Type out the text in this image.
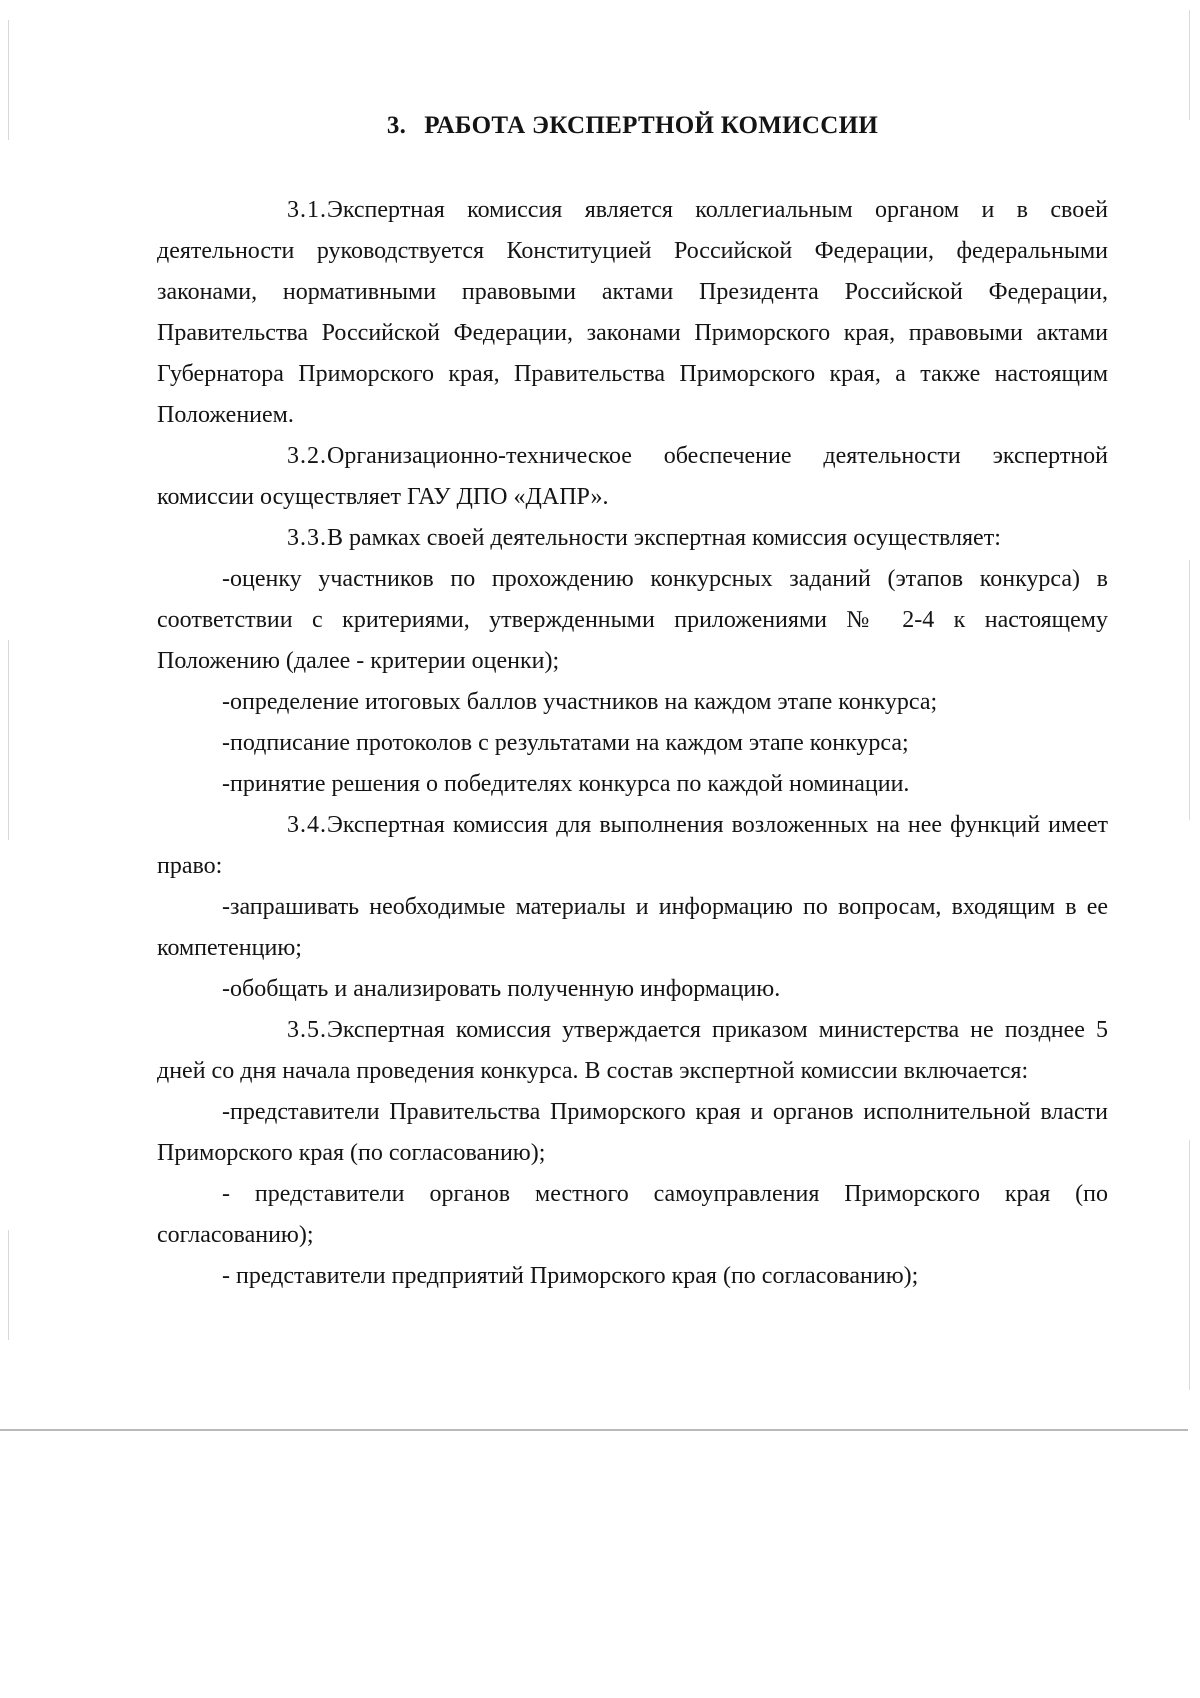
3. РАБОТА ЭКСПЕРТНОЙ КОМИССИИ

3.1.Экспертная комиссия является коллегиальным органом и в своей деятельности руководствуется Конституцией Российской Федерации, федеральными законами, нормативными правовыми актами Президента Российской Федерации, Правительства Российской Федерации, законами Приморского края, правовыми актами Губернатора Приморского края, Правительства Приморского края, а также настоящим Положением.

3.2.Организационно-техническое обеспечение деятельности экспертной комиссии осуществляет ГАУ ДПО «ДАПР».

3.3.В рамках своей деятельности экспертная комиссия осуществляет:

-оценку участников по прохождению конкурсных заданий (этапов конкурса) в соответствии с критериями, утвержденными приложениями № 2-4 к настоящему Положению (далее - критерии оценки);

-определение итоговых баллов участников на каждом этапе конкурса;

-подписание протоколов с результатами на каждом этапе конкурса;

-принятие решения о победителях конкурса по каждой номинации.

3.4.Экспертная комиссия для выполнения возложенных на нее функций имеет право:

-запрашивать необходимые материалы и информацию по вопросам, входящим в ее компетенцию;

-обобщать и анализировать полученную информацию.

3.5.Экспертная комиссия утверждается приказом министерства не позднее 5 дней со дня начала проведения конкурса. В состав экспертной комиссии включается:

-представители Правительства Приморского края и органов исполнительной власти Приморского края (по согласованию);

- представители органов местного самоуправления Приморского края (по согласованию);

- представители предприятий Приморского края (по согласованию);
